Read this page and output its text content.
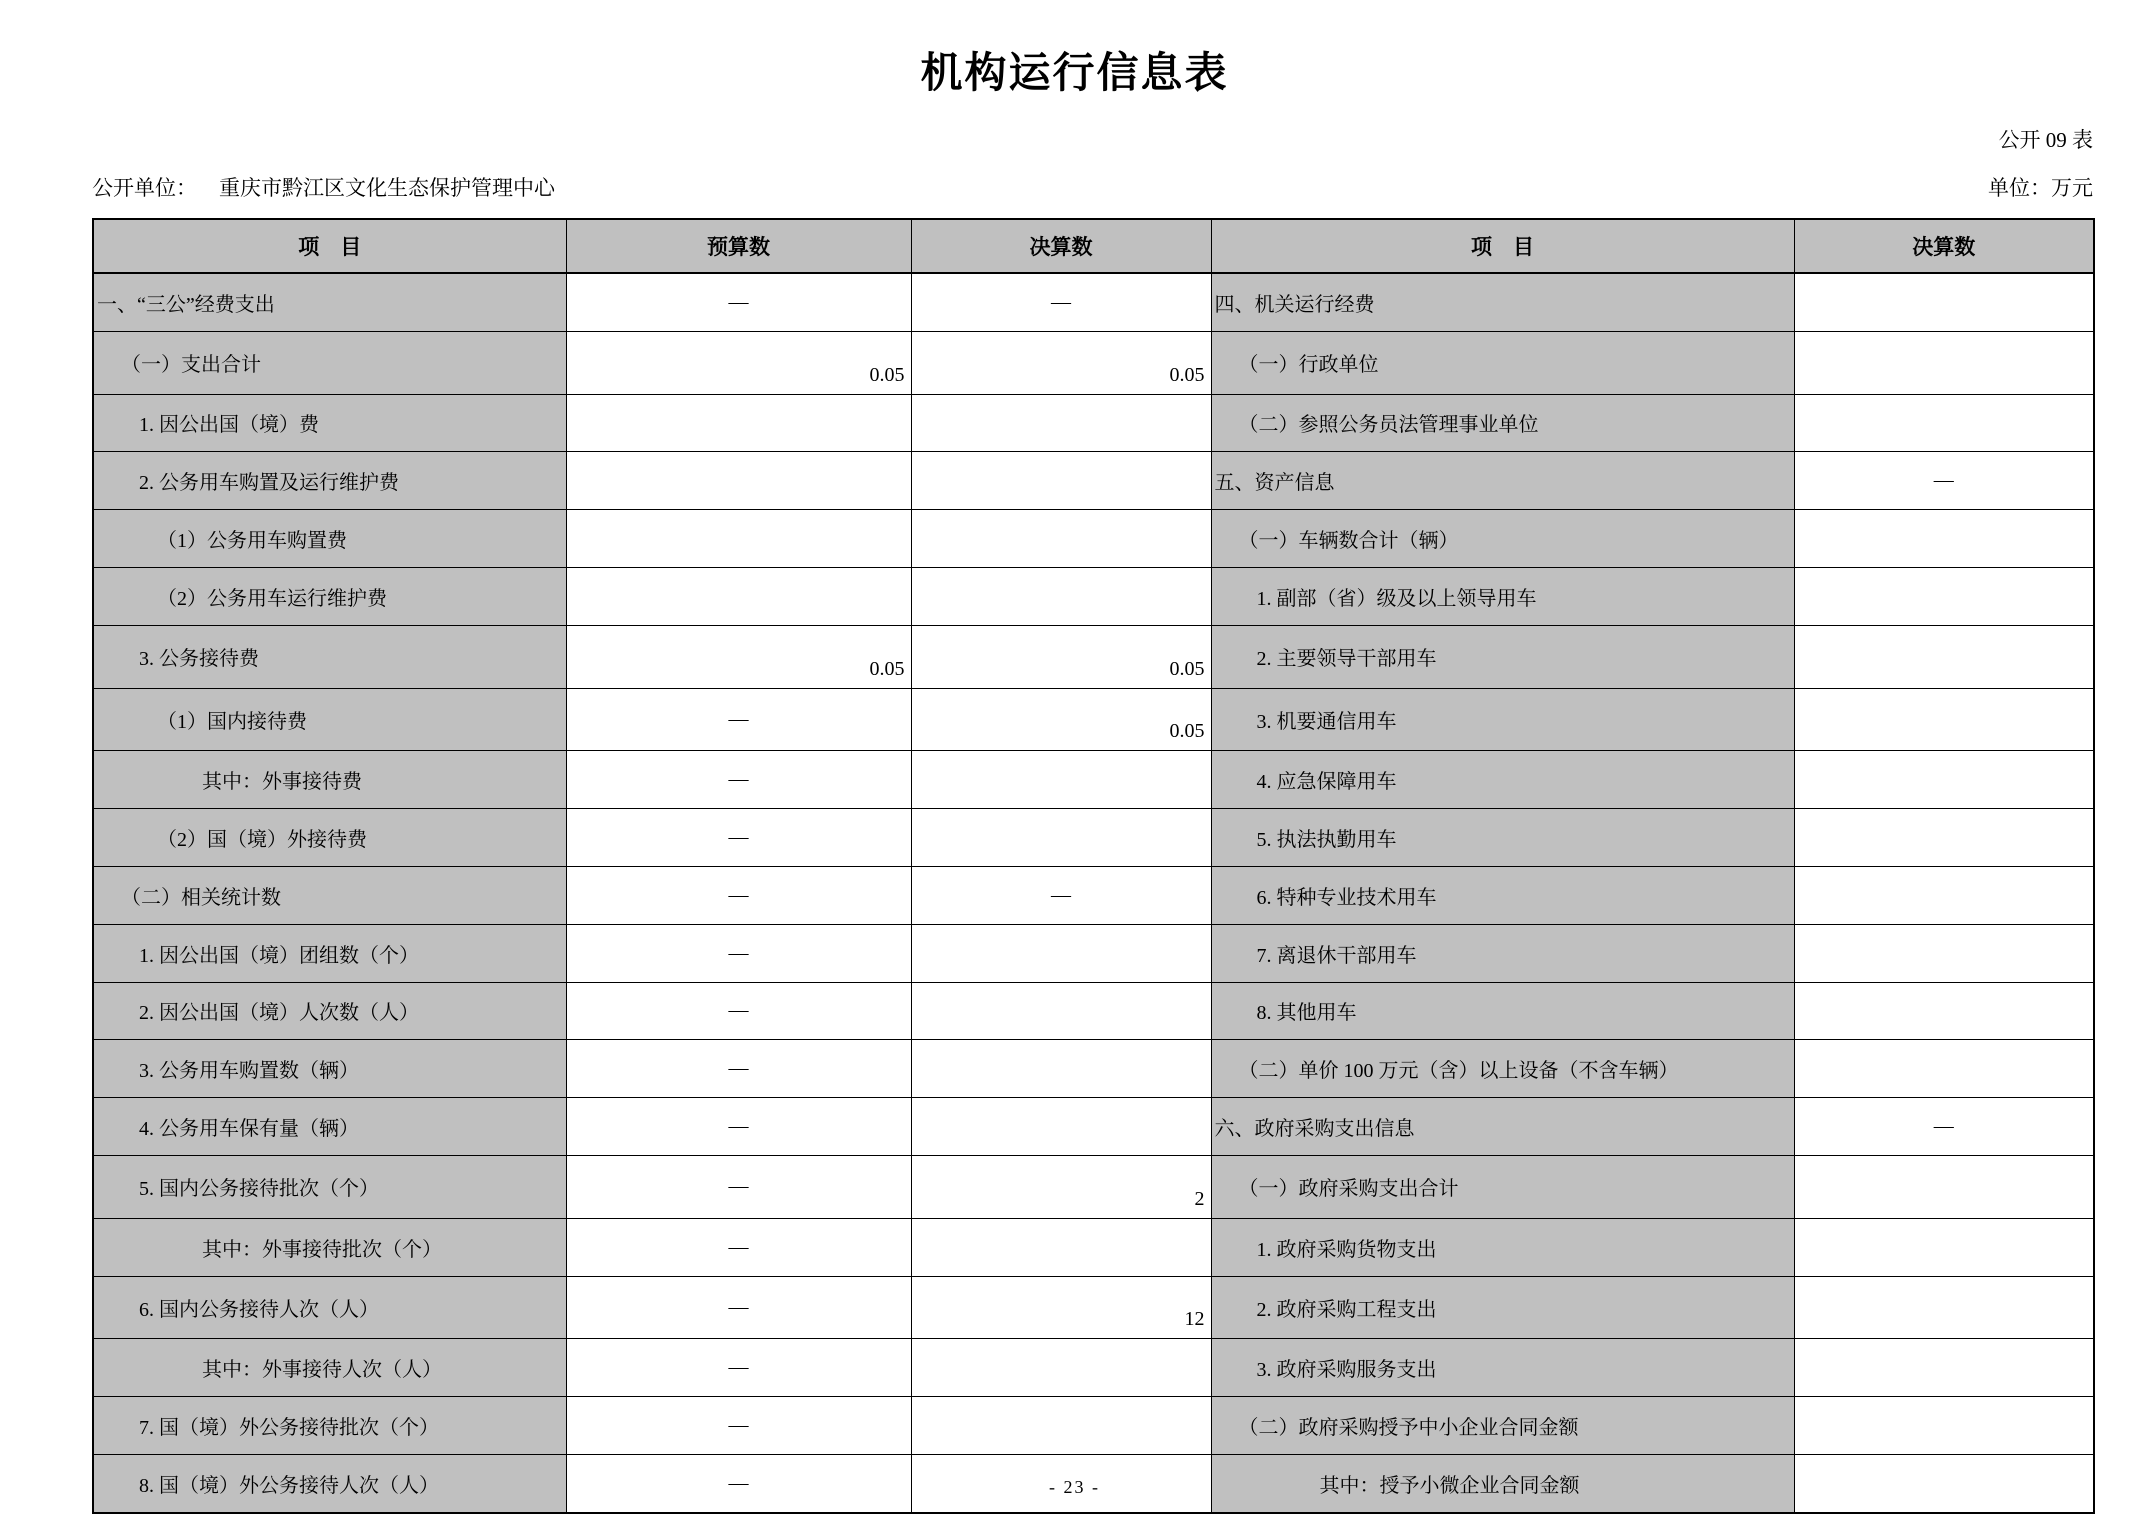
机构运行信息表
公开 09 表
公开单位： 重庆市黔江区文化生态保护管理中心	单位：万元
项　目	预算数	决算数	项　目	决算数
一、“三公”经费支出	—	—	四、机关运行经费	
（一）支出合计	0.05	0.05	（一）行政单位	
1. 因公出国（境）费			（二）参照公务员法管理事业单位	
2. 公务用车购置及运行维护费			五、资产信息	—
（1）公务用车购置费			（一）车辆数合计（辆）	
（2）公务用车运行维护费			1. 副部（省）级及以上领导用车	
3. 公务接待费	0.05	0.05	2. 主要领导干部用车	
（1）国内接待费	—	0.05	3. 机要通信用车	
其中：外事接待费	—		4. 应急保障用车	
（2）国（境）外接待费	—		5. 执法执勤用车	
（二）相关统计数	—	—	6. 特种专业技术用车	
1. 因公出国（境）团组数（个）	—		7. 离退休干部用车	
2. 因公出国（境）人次数（人）	—		8. 其他用车	
3. 公务用车购置数（辆）	—		（二）单价 100 万元（含）以上设备（不含车辆）	
4. 公务用车保有量（辆）	—		六、政府采购支出信息	—
5. 国内公务接待批次（个）	—	2	（一）政府采购支出合计	
其中：外事接待批次（个）	—		1. 政府采购货物支出	
6. 国内公务接待人次（人）	—	12	2. 政府采购工程支出	
其中：外事接待人次（人）	—		3. 政府采购服务支出	
7. 国（境）外公务接待批次（个）	—		（二）政府采购授予中小企业合同金额	
8. 国（境）外公务接待人次（人）	—		其中：授予小微企业合同金额	
- 23 -
